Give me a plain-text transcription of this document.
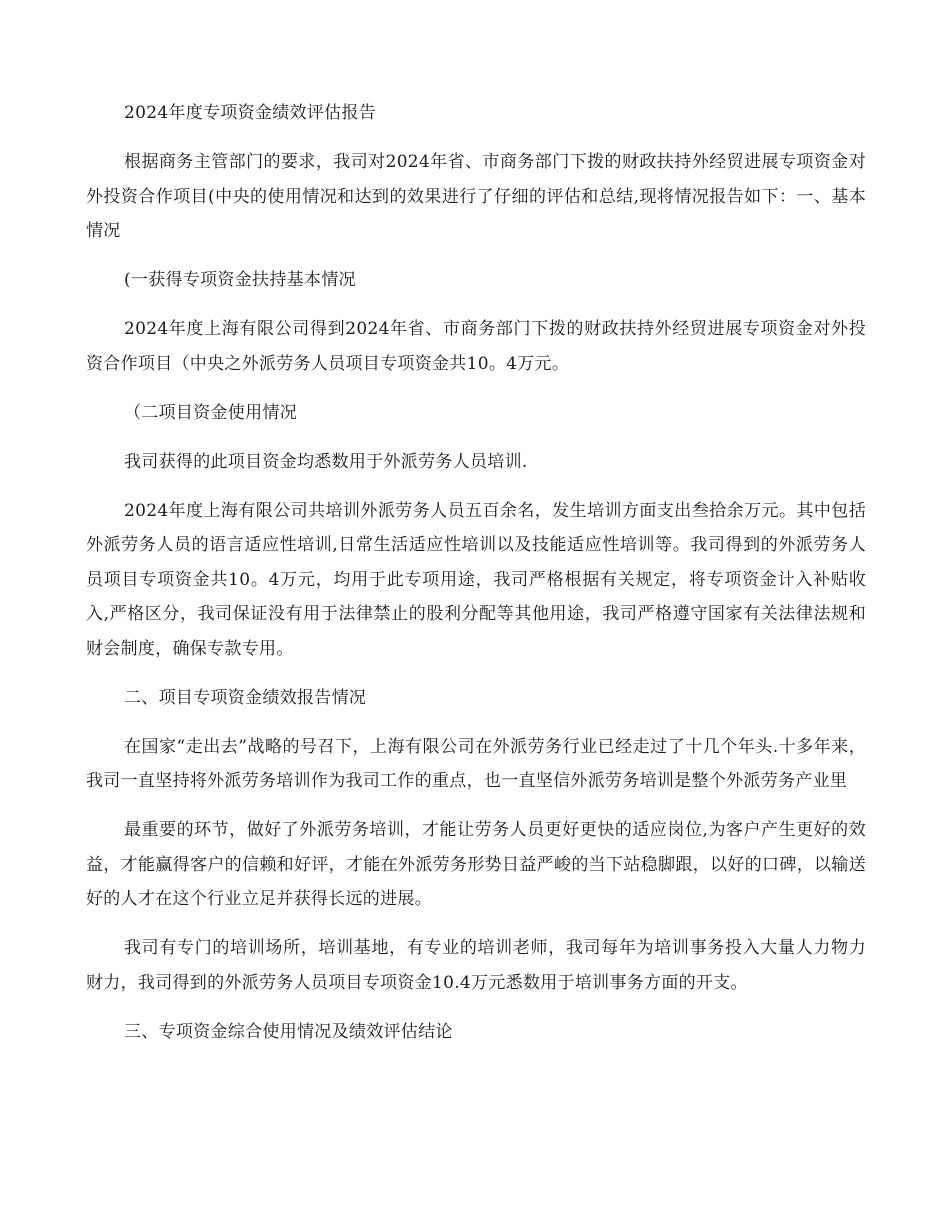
2024年度专项资金绩效评估报告

根据商务主管部门的要求，我司对2024年省、市商务部门下拨的财政扶持外经贸进展专项资金对外投资合作项目(中央的使用情况和达到的效果进行了仔细的评估和总结,现将情况报告如下：一、基本情况

(一获得专项资金扶持基本情况

2024年度上海有限公司得到2024年省、市商务部门下拨的财政扶持外经贸进展专项资金对外投资合作项目（中央之外派劳务人员项目专项资金共10。4万元。

（二项目资金使用情况

我司获得的此项目资金均悉数用于外派劳务人员培训.

2024年度上海有限公司共培训外派劳务人员五百余名，发生培训方面支出叁拾余万元。其中包括外派劳务人员的语言适应性培训,日常生活适应性培训以及技能适应性培训等。我司得到的外派劳务人员项目专项资金共10。4万元，均用于此专项用途，我司严格根据有关规定，将专项资金计入补贴收入,严格区分，我司保证没有用于法律禁止的股利分配等其他用途，我司严格遵守国家有关法律法规和财会制度，确保专款专用。

二、项目专项资金绩效报告情况

在国家“走出去”战略的号召下，上海有限公司在外派劳务行业已经走过了十几个年头.十多年来，我司一直坚持将外派劳务培训作为我司工作的重点，也一直坚信外派劳务培训是整个外派劳务产业里

最重要的环节，做好了外派劳务培训，才能让劳务人员更好更快的适应岗位,为客户产生更好的效益，才能赢得客户的信赖和好评，才能在外派劳务形势日益严峻的当下站稳脚跟，以好的口碑，以输送好的人才在这个行业立足并获得长远的进展。

我司有专门的培训场所，培训基地，有专业的培训老师，我司每年为培训事务投入大量人力物力财力，我司得到的外派劳务人员项目专项资金10.4万元悉数用于培训事务方面的开支。

三、专项资金综合使用情况及绩效评估结论
